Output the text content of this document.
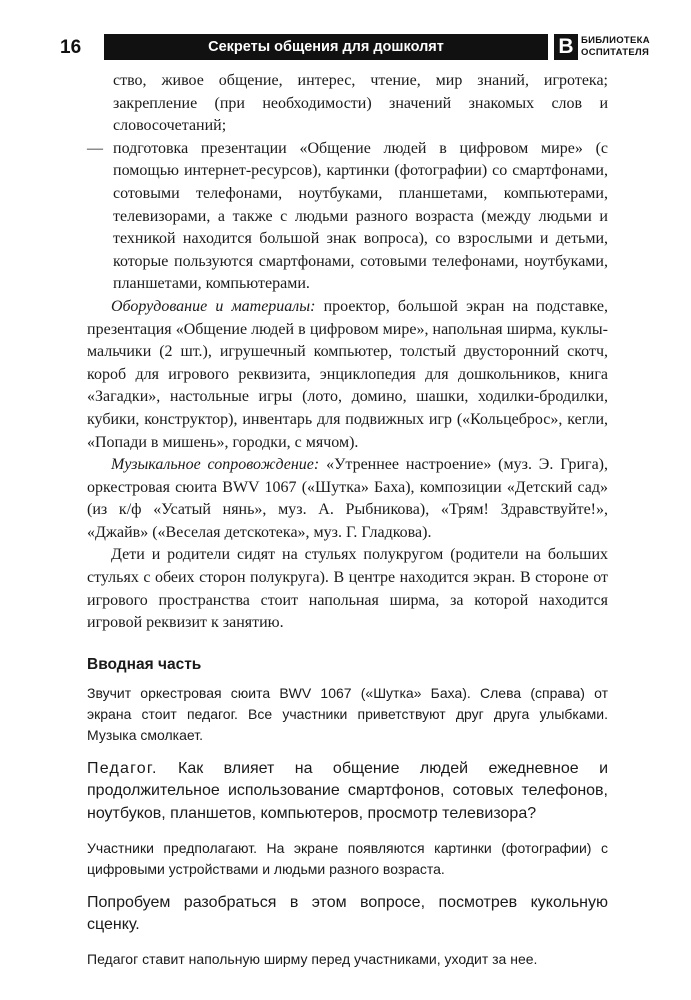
16	Секреты общения для дошколят	В БИБЛИОТЕКА
ОСПИТАТЕЛЯ

ство, живое общение, интерес, чтение, мир знаний, игротека; закрепление (при необходимости) значений знакомых слов и словосочетаний;

— подготовка презентации «Общение людей в цифровом мире» (с помощью интернет-ресурсов), картинки (фотографии) со смартфонами, сотовыми телефонами, ноутбуками, планшетами, компьютерами, телевизорами, а также с людьми разного возраста (между людьми и техникой находится большой знак вопроса), со взрослыми и детьми, которые пользуются смартфонами, сотовыми телефонами, ноутбуками, планшетами, компьютерами.

Оборудование и материалы: проектор, большой экран на подставке, презентация «Общение людей в цифровом мире», напольная ширма, куклы-мальчики (2 шт.), игрушечный компьютер, толстый двусторонний скотч, короб для игрового реквизита, энциклопедия для дошкольников, книга «Загадки», настольные игры (лото, домино, шашки, ходилки-бродилки, кубики, конструктор), инвентарь для подвижных игр («Кольцеброс», кегли, «Попади в мишень», городки, с мячом).

Музыкальное сопровождение: «Утреннее настроение» (муз. Э. Грига), оркестровая сюита BWV 1067 («Шутка» Баха), композиции «Детский сад» (из к/ф «Усатый нянь», муз. А. Рыбникова), «Трям! Здравствуйте!», «Джайв» («Веселая детскотека», муз. Г. Гладкова).

Дети и родители сидят на стульях полукругом (родители на больших стульях с обеих сторон полукруга). В центре находится экран. В стороне от игрового пространства стоит напольная ширма, за которой находится игровой реквизит к занятию.

Вводная часть

Звучит оркестровая сюита BWV 1067 («Шутка» Баха). Слева (справа) от экрана стоит педагог. Все участники приветствуют друг друга улыбками. Музыка смолкает.

Педагог. Как влияет на общение людей ежедневное и продолжительное использование смартфонов, сотовых телефонов, ноутбуков, планшетов, компьютеров, просмотр телевизора?

Участники предполагают. На экране появляются картинки (фотографии) с цифровыми устройствами и людьми разного возраста.

Попробуем разобраться в этом вопросе, посмотрев кукольную сценку.

Педагог ставит напольную ширму перед участниками, уходит за нее.
